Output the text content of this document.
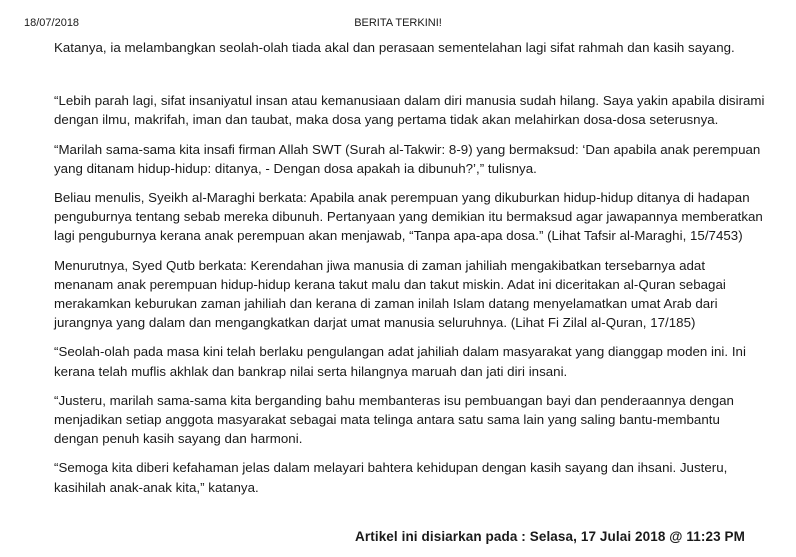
18/07/2018	BERITA TERKINI!

Katanya, ia melambangkan seolah-olah tiada akal dan perasaan sementelahan lagi sifat rahmah dan kasih sayang.

“Lebih parah lagi, sifat insaniyatul insan atau kemanusiaan dalam diri manusia sudah hilang. Saya yakin apabila disirami dengan ilmu, makrifah, iman dan taubat, maka dosa yang pertama tidak akan melahirkan dosa-dosa seterusnya.

“Marilah sama-sama kita insafi firman Allah SWT (Surah al-Takwir: 8-9) yang bermaksud: ‘Dan apabila anak perempuan yang ditanam hidup-hidup: ditanya, - Dengan dosa apakah ia dibunuh?’,” tulisnya.

Beliau menulis, Syeikh al-Maraghi berkata: Apabila anak perempuan yang dikuburkan hidup-hidup ditanya di hadapan penguburnya tentang sebab mereka dibunuh. Pertanyaan yang demikian itu bermaksud agar jawapannya memberatkan lagi penguburnya kerana anak perempuan akan menjawab, “Tanpa apa-apa dosa.” (Lihat Tafsir al-Maraghi, 15/7453)

Menurutnya, Syed Qutb berkata: Kerendahan jiwa manusia di zaman jahiliah mengakibatkan tersebarnya adat menanam anak perempuan hidup-hidup kerana takut malu dan takut miskin. Adat ini diceritakan al-Quran sebagai merakamkan keburukan zaman jahiliah dan kerana di zaman inilah Islam datang menyelamatkan umat Arab dari jurangnya yang dalam dan mengangkatkan darjat umat manusia seluruhnya. (Lihat Fi Zilal al-Quran, 17/185)

“Seolah-olah pada masa kini telah berlaku pengulangan adat jahiliah dalam masyarakat yang dianggap moden ini. Ini kerana telah muflis akhlak dan bankrap nilai serta hilangnya maruah dan jati diri insani.

“Justeru, marilah sama-sama kita berganding bahu membanteras isu pembuangan bayi dan penderaannya dengan menjadikan setiap anggota masyarakat sebagai mata telinga antara satu sama lain yang saling bantu-membantu dengan penuh kasih sayang dan harmoni.

“Semoga kita diberi kefahaman jelas dalam melayari bahtera kehidupan dengan kasih sayang dan ihsani. Justeru, kasihilah anak-anak kita,” katanya.

Artikel ini disiarkan pada : Selasa, 17 Julai 2018 @ 11:23 PM
